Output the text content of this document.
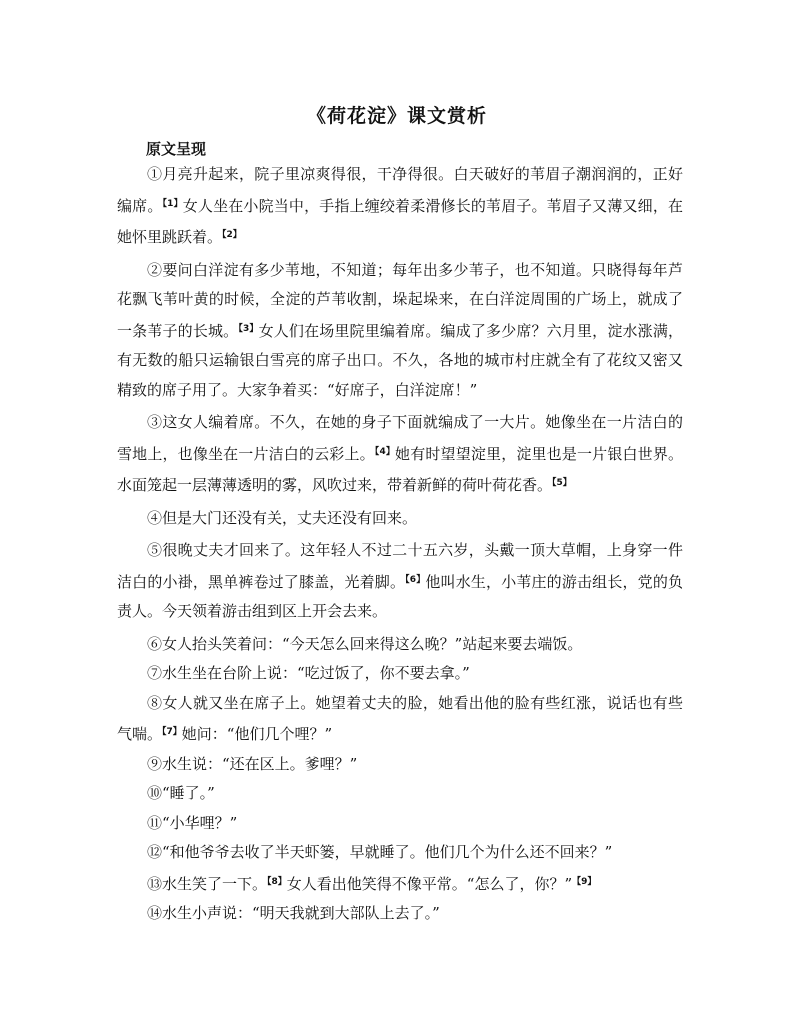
《荷花淀》课文赏析
原文呈现

①月亮升起来，院子里凉爽得很，干净得很。白天破好的苇眉子潮润润的，正好编席。$^{【1】}$女人坐在小院当中，手指上缠绞着柔滑修长的苇眉子。苇眉子又薄又细，在她怀里跳跃着。$^{【2】}$

②要问白洋淀有多少苇地，不知道；每年出多少苇子，也不知道。只晓得每年芦花飘飞苇叶黄的时候，全淀的芦苇收割，垛起垛来，在白洋淀周围的广场上，就成了一条苇子的长城。$^{【3】}$女人们在场里院里编着席。编成了多少席？六月里，淀水涨满，有无数的船只运输银白雪亮的席子出口。不久，各地的城市村庄就全有了花纹又密又精致的席子用了。大家争着买：“好席子，白洋淀席！”

③这女人编着席。不久，在她的身子下面就编成了一大片。她像坐在一片洁白的雪地上，也像坐在一片洁白的云彩上。$^{【4】}$她有时望望淀里，淀里也是一片银白世界。水面笼起一层薄薄透明的雾，风吹过来，带着新鲜的荷叶荷花香。$^{【5】}$

④但是大门还没有关，丈夫还没有回来。

⑤很晚丈夫才回来了。这年轻人不过二十五六岁，头戴一顶大草帽，上身穿一件洁白的小褂，黑单裤卷过了膝盖，光着脚。$^{【6】}$他叫水生，小苇庄的游击组长，党的负责人。今天领着游击组到区上开会去来。

⑥女人抬头笑着问：“今天怎么回来得这么晚？”站起来要去端饭。

⑦水生坐在台阶上说：“吃过饭了，你不要去拿。”

⑧女人就又坐在席子上。她望着丈夫的脸，她看出他的脸有些红涨，说话也有些气喘。$^{【7】}$她问：“他们几个哩？”

⑨水生说：“还在区上。爹哩？”

⑩“睡了。”

⑪“小华哩？”

⑫“和他爷爷去收了半天虾篓，早就睡了。他们几个为什么还不回来？”

⑬水生笑了一下。$^{【8】}$女人看出他笑得不像平常。“怎么了，你？”$^{【9】}$

⑭水生小声说：“明天我就到大部队上去了。”
